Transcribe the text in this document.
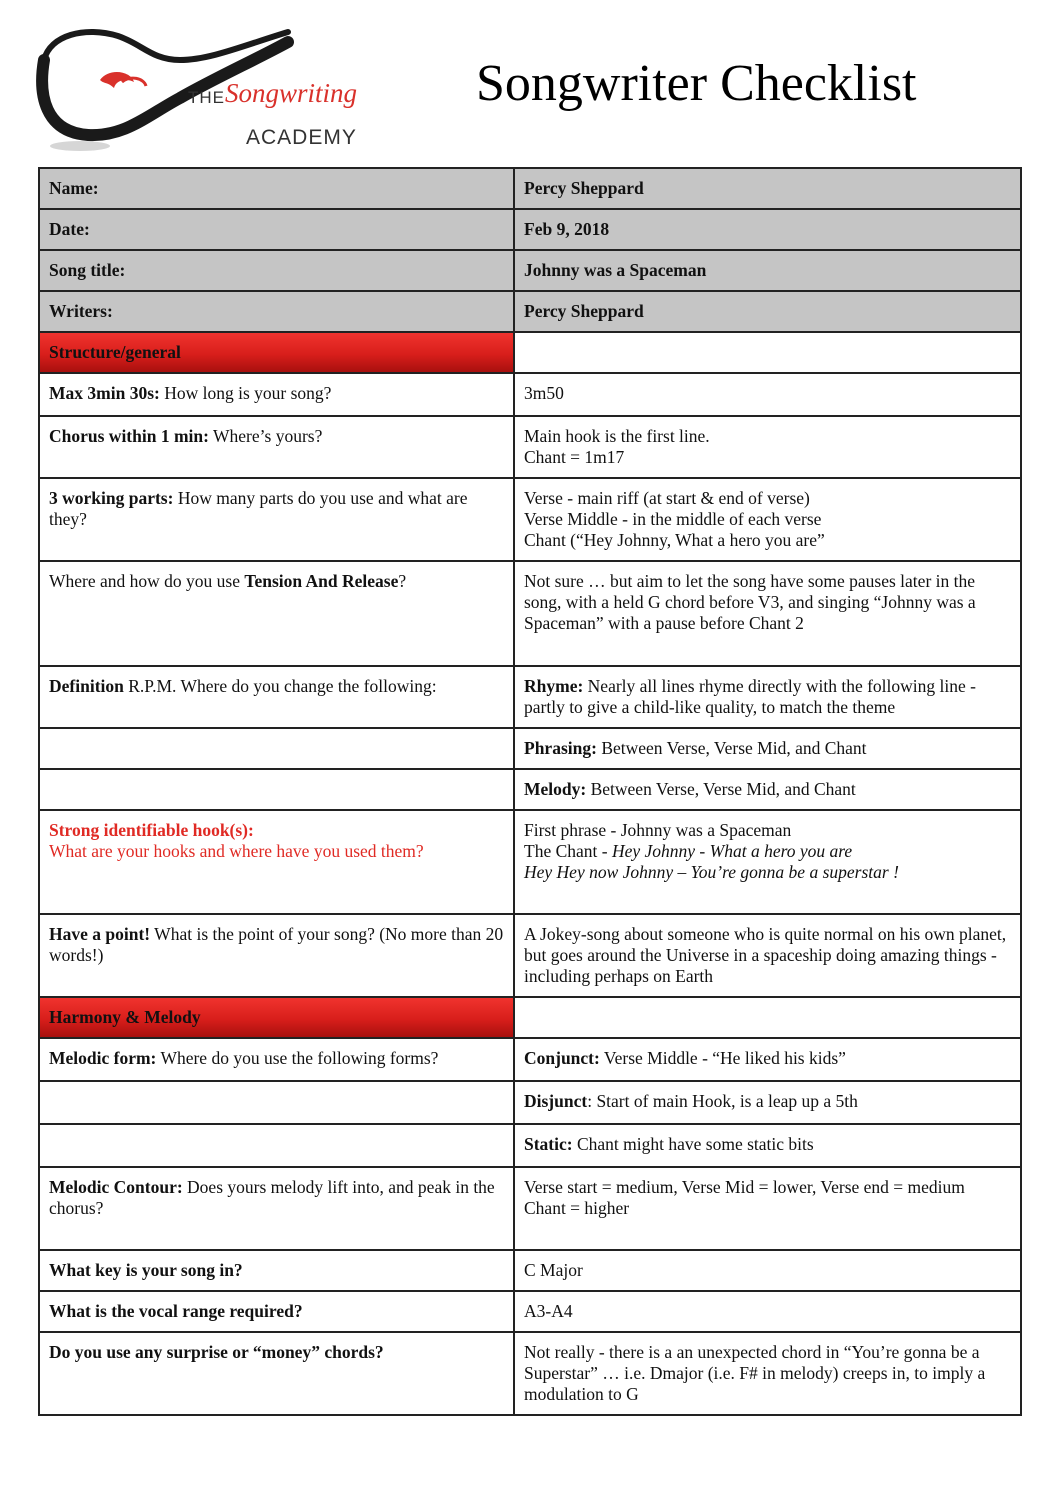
THE Songwriting
ACADEMY
Songwriter Checklist
Name:	Percy Sheppard
Date:	Feb 9, 2018
Song title:	Johnny was a Spaceman
Writers:	Percy Sheppard
Structure/general	
Max 3min 30s: How long is your song?	3m50
Chorus within 1 min: Where’s yours?	Main hook is the first line.
Chant = 1m17
3 working parts: How many parts do you use and what are they?	Verse - main riff (at start & end of verse)
Verse Middle - in the middle of each verse
Chant (“Hey Johnny, What a hero you are”
Where and how do you use Tension And Release?	Not sure … but aim to let the song have some pauses later in the song, with a held G chord before V3, and singing “Johnny was a Spaceman” with a pause before Chant 2
Definition R.P.M. Where do you change the following:	Rhyme: Nearly all lines rhyme directly with the following line - partly to give a child-like quality, to match the theme
	Phrasing: Between Verse, Verse Mid, and Chant
	Melody: Between Verse, Verse Mid, and Chant
Strong identifiable hook(s):
What are your hooks and where have you used them?	First phrase - Johnny was a Spaceman
The Chant - Hey Johnny - What a hero you are
Hey Hey now Johnny – You’re gonna be a superstar !
Have a point! What is the point of your song? (No more than 20 words!)	A Jokey-song about someone who is quite normal on his own planet, but goes around the Universe in a spaceship doing amazing things - including perhaps on Earth
Harmony & Melody	
Melodic form: Where do you use the following forms?	Conjunct: Verse Middle - “He liked his kids”
	Disjunct: Start of main Hook, is a leap up a 5th
	Static: Chant might have some static bits
Melodic Contour: Does yours melody lift into, and peak in the chorus?	Verse start = medium, Verse Mid = lower, Verse end = medium
Chant = higher
What key is your song in?	C Major
What is the vocal range required?	A3-A4
Do you use any surprise or “money” chords?	Not really - there is a an unexpected chord in “You’re gonna be a Superstar” … i.e. Dmajor (i.e. F# in melody) creeps in, to imply a modulation to G
